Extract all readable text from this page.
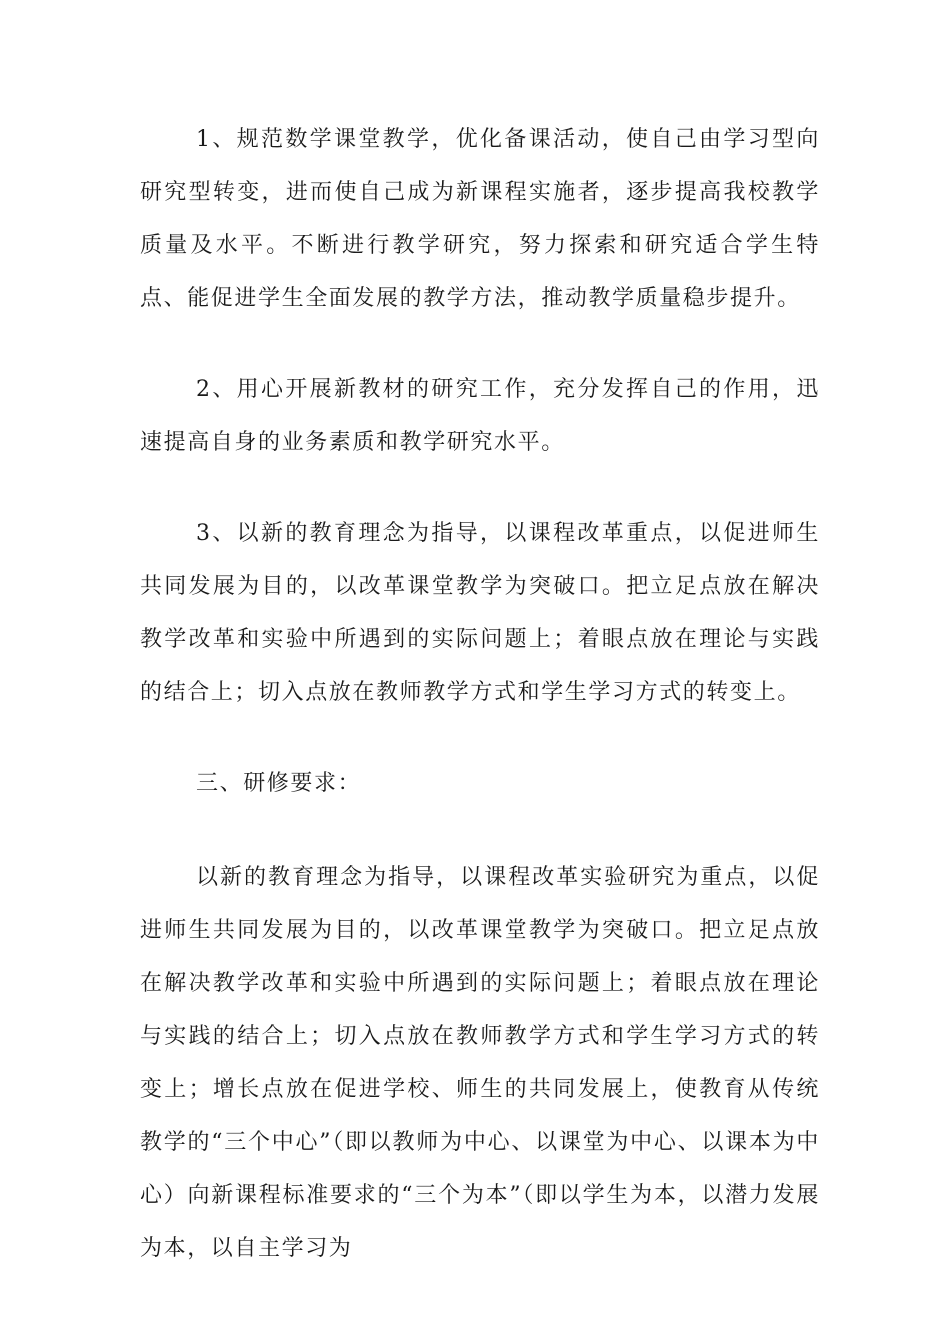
1、规范数学课堂教学，优化备课活动，使自己由学习型向研究型转变，进而使自己成为新课程实施者，逐步提高我校教学质量及水平。不断进行教学研究，努力探索和研究适合学生特点、能促进学生全面发展的教学方法，推动教学质量稳步提升。

2、用心开展新教材的研究工作，充分发挥自己的作用，迅速提高自身的业务素质和教学研究水平。

3、以新的教育理念为指导，以课程改革重点，以促进师生共同发展为目的，以改革课堂教学为突破口。把立足点放在解决教学改革和实验中所遇到的实际问题上；着眼点放在理论与实践的结合上；切入点放在教师教学方式和学生学习方式的转变上。

三、研修要求：

以新的教育理念为指导，以课程改革实验研究为重点，以促进师生共同发展为目的，以改革课堂教学为突破口。把立足点放在解决教学改革和实验中所遇到的实际问题上；着眼点放在理论与实践的结合上；切入点放在教师教学方式和学生学习方式的转变上；增长点放在促进学校、师生的共同发展上，使教育从传统教学的“三个中心”（即以教师为中心、以课堂为中心、以课本为中心）向新课程标准要求的“三个为本”（即以学生为本，以潜力发展为本，以自主学习为
